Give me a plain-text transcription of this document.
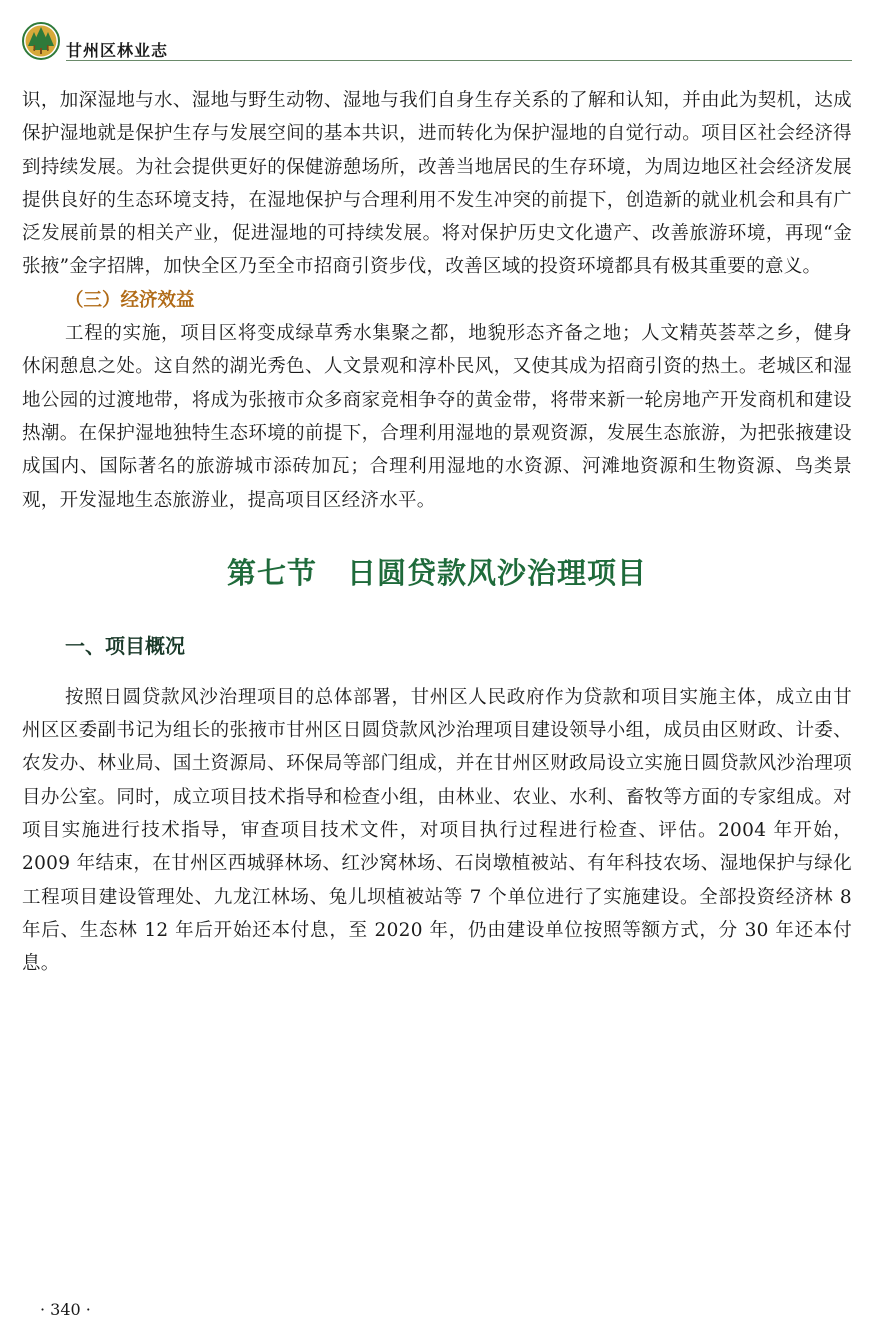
甘州区林业志

识，加深湿地与水、湿地与野生动物、湿地与我们自身生存关系的了解和认知，并由此为契机，达成保护湿地就是保护生存与发展空间的基本共识，进而转化为保护湿地的自觉行动。项目区社会经济得到持续发展。为社会提供更好的保健游憩场所，改善当地居民的生存环境，为周边地区社会经济发展提供良好的生态环境支持，在湿地保护与合理利用不发生冲突的前提下，创造新的就业机会和具有广泛发展前景的相关产业，促进湿地的可持续发展。将对保护历史文化遗产、改善旅游环境，再现“金张掖”金字招牌，加快全区乃至全市招商引资步伐，改善区域的投资环境都具有极其重要的意义。

（三）经济效益

工程的实施，项目区将变成绿草秀水集聚之都，地貌形态齐备之地；人文精英荟萃之乡，健身休闲憩息之处。这自然的湖光秀色、人文景观和淳朴民风，又使其成为招商引资的热土。老城区和湿地公园的过渡地带，将成为张掖市众多商家竞相争夺的黄金带，将带来新一轮房地产开发商机和建设热潮。在保护湿地独特生态环境的前提下，合理利用湿地的景观资源，发展生态旅游，为把张掖建设成国内、国际著名的旅游城市添砖加瓦；合理利用湿地的水资源、河滩地资源和生物资源、鸟类景观，开发湿地生态旅游业，提高项目区经济水平。

第七节　日圆贷款风沙治理项目
一、项目概况

按照日圆贷款风沙治理项目的总体部署，甘州区人民政府作为贷款和项目实施主体，成立由甘州区区委副书记为组长的张掖市甘州区日圆贷款风沙治理项目建设领导小组，成员由区财政、计委、农发办、林业局、国土资源局、环保局等部门组成，并在甘州区财政局设立实施日圆贷款风沙治理项目办公室。同时，成立项目技术指导和检查小组，由林业、农业、水利、畜牧等方面的专家组成。对项目实施进行技术指导，审查项目技术文件，对项目执行过程进行检查、评估。2004 年开始，2009 年结束，在甘州区西城驿林场、红沙窝林场、石岗墩植被站、有年科技农场、湿地保护与绿化工程项目建设管理处、九龙江林场、兔儿坝植被站等 7 个单位进行了实施建设。全部投资经济林 8 年后、生态林 12 年后开始还本付息，至 2020 年，仍由建设单位按照等额方式，分 30 年还本付息。

· 340 ·
